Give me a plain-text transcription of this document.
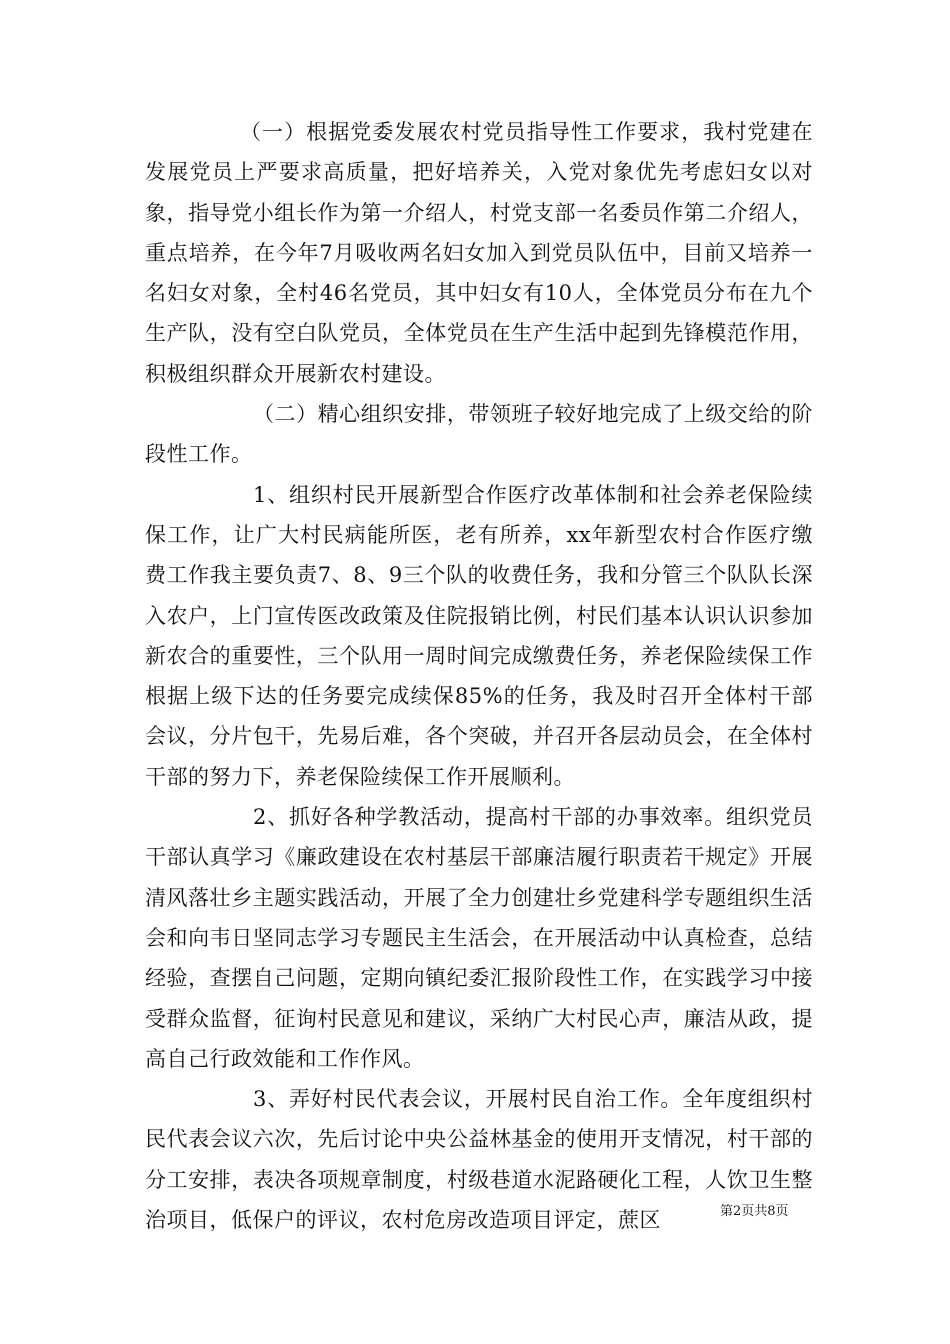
（一）根据党委发展农村党员指导性工作要求，我村党建在发展党员上严要求高质量，把好培养关，入党对象优先考虑妇女以对象，指导党小组长作为第一介绍人，村党支部一名委员作第二介绍人，重点培养，在今年7月吸收两名妇女加入到党员队伍中，目前又培养一名妇女对象，全村46名党员，其中妇女有10人，全体党员分布在九个生产队，没有空白队党员，全体党员在生产生活中起到先锋模范作用，积极组织群众开展新农村建设。

（二）精心组织安排，带领班子较好地完成了上级交给的阶段性工作。

1、组织村民开展新型合作医疗改革体制和社会养老保险续保工作，让广大村民病能所医，老有所养，xx年新型农村合作医疗缴费工作我主要负责7、8、9三个队的收费任务，我和分管三个队队长深入农户，上门宣传医改政策及住院报销比例，村民们基本认识认识参加新农合的重要性，三个队用一周时间完成缴费任务，养老保险续保工作根据上级下达的任务要完成续保85%的任务，我及时召开全体村干部会议，分片包干，先易后难，各个突破，并召开各层动员会，在全体村干部的努力下，养老保险续保工作开展顺利。

2、抓好各种学教活动，提高村干部的办事效率。组织党员干部认真学习《廉政建设在农村基层干部廉洁履行职责若干规定》开展清风落壮乡主题实践活动，开展了全力创建壮乡党建科学专题组织生活会和向韦日坚同志学习专题民主生活会，在开展活动中认真检查，总结经验，查摆自己问题，定期向镇纪委汇报阶段性工作，在实践学习中接受群众监督，征询村民意见和建议，采纳广大村民心声，廉洁从政，提高自己行政效能和工作作风。

3、弄好村民代表会议，开展村民自治工作。全年度组织村民代表会议六次，先后讨论中央公益林基金的使用开支情况，村干部的分工安排，表决各项规章制度，村级巷道水泥路硬化工程，人饮卫生整治项目，低保户的评议，农村危房改造项目评定，蔗区	第2页共8页
